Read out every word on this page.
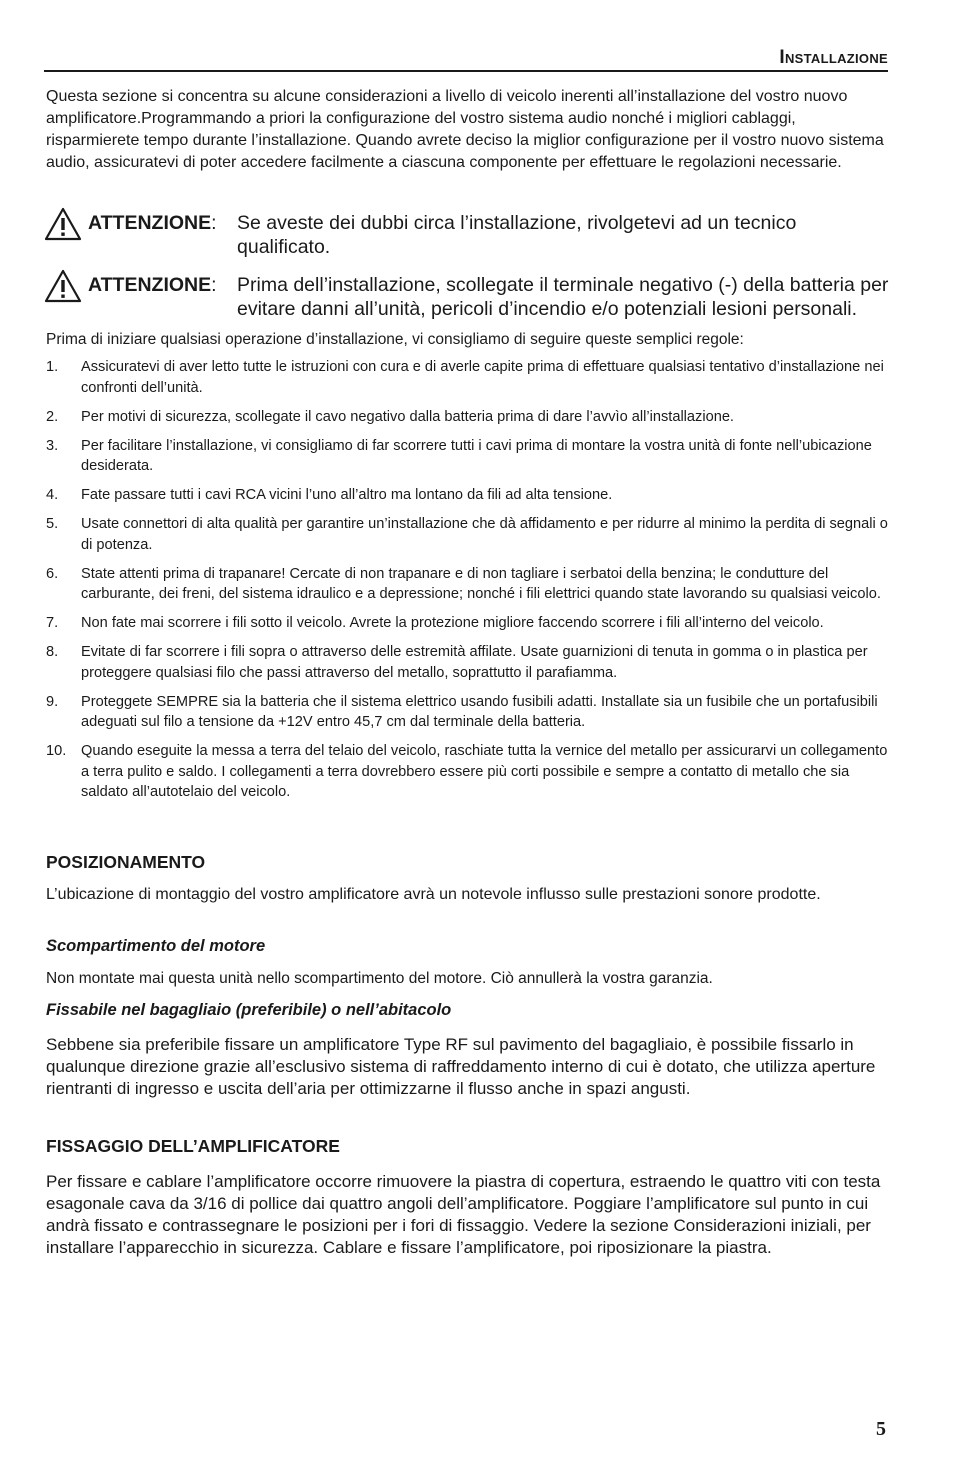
Installazione

Questa sezione si concentra su alcune considerazioni a livello di veicolo inerenti all’installazione del vostro nuovo amplificatore.Programmando a priori la configurazione del vostro sistema audio nonché i migliori cablaggi, risparmierete tempo durante l’installazione. Quando avrete deciso la miglior configurazione per il vostro nuovo sistema audio, assicuratevi di poter accedere facilmente a ciascuna componente per effettuare le regolazioni necessarie.

ATTENZIONE: Se aveste dei dubbi circa l’installazione, rivolgetevi ad un tecnico qualificato.
ATTENZIONE: Prima dell’installazione, scollegate il terminale negativo (-) della batteria per evitare danni all’unità, pericoli d’incendio e/o potenziali lesioni personali.

Prima di iniziare qualsiasi operazione d’installazione, vi consigliamo di seguire queste semplici regole:

1. Assicuratevi di aver letto tutte le istruzioni con cura e di averle capite prima di effettuare qualsiasi tentativo d’installazione nei confronti dell’unità.
2. Per motivi di sicurezza, scollegate il cavo negativo dalla batteria prima di dare l’avvìo all’installazione.
3. Per facilitare l’installazione, vi consigliamo di far scorrere tutti i cavi prima di montare la vostra unità di fonte nell’ubicazione desiderata.
4. Fate passare tutti i cavi RCA vicini l’uno all’altro ma lontano da fili ad alta tensione.
5. Usate connettori di alta qualità per garantire un’installazione che dà affidamento e per ridurre al minimo la perdita di segnali o di potenza.
6. State attenti prima di trapanare! Cercate di non trapanare e di non tagliare i serbatoi della benzina; le condutture del carburante, dei freni, del sistema idraulico e a depressione; nonché i fili elettrici quando state lavorando su qualsiasi veicolo.
7. Non fate mai scorrere i fili sotto il veicolo. Avrete la protezione migliore faccendo scorrere i fili all’interno del veicolo.
8. Evitate di far scorrere i fili sopra o attraverso delle estremità affilate. Usate guarnizioni di tenuta in gomma o in plastica per proteggere qualsiasi filo che passi attraverso del metallo, soprattutto il parafiamma.
9. Proteggete SEMPRE sia la batteria che il sistema elettrico usando fusibili adatti. Installate sia un fusibile che un portafusibili adeguati sul filo a tensione da +12V entro 45,7 cm dal terminale della batteria.
10. Quando eseguite la messa a terra del telaio del veicolo, raschiate tutta la vernice del metallo per assicurarvi un collegamento a terra pulito e saldo. I collegamenti a terra dovrebbero essere più corti possibile e sempre a contatto di metallo che sia saldato all’autotelaio del veicolo.
POSIZIONAMENTO

L’ubicazione di montaggio del vostro amplificatore avrà un notevole influsso sulle prestazioni sonore prodotte.

Scompartimento del motore

Non montate mai questa unità nello scompartimento del motore. Ciò annullerà la vostra garanzia.

Fissabile nel bagagliaio (preferibile) o nell’abitacolo

Sebbene sia preferibile fissare un amplificatore Type RF sul pavimento del bagagliaio, è possibile fissarlo in qualunque direzione grazie all’esclusivo sistema di raffreddamento interno di cui è dotato, che utilizza aperture rientranti di ingresso e uscita dell’aria per ottimizzarne il flusso anche in spazi angusti.

FISSAGGIO DELL’AMPLIFICATORE

Per fissare e cablare l’amplificatore occorre rimuovere la piastra di copertura, estraendo le quattro viti con testa esagonale cava da 3/16 di pollice dai quattro angoli dell’amplificatore. Poggiare l’amplificatore sul punto in cui andrà fissato e contrassegnare le posizioni per i fori di fissaggio. Vedere la sezione Considerazioni iniziali, per installare l’apparecchio in sicurezza. Cablare e fissare l’amplificatore, poi riposizionare la piastra.

5
